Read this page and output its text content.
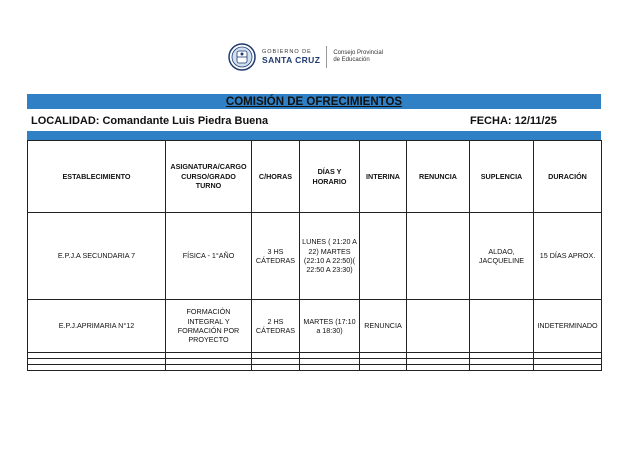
GOBIERNO DE
SANTA CRUZ
Consejo Provincial
de Educación
COMISIÓN DE OFRECIMIENTOS
LOCALIDAD: Comandante Luis Piedra Buena	FECHA: 12/11/25
ESTABLECIMIENTO	ASIGNATURA/CARGO CURSO/GRADO TURNO	C/HORAS	DÍAS Y HORARIO	INTERINA	RENUNCIA	SUPLENCIA	DURACIÓN
E.P.J.A SECUNDARIA 7	FÍSICA - 1°AÑO	3 HS CÁTEDRAS	LUNES ( 21:20 A 22) MARTES (22:10 A 22:50)( 22:50 A 23:30)			ALDAO, JACQUELINE	15 DÍAS APROX.
E.P.J.APRIMARIA N°12	FORMACIÓN INTEGRAL Y FORMACIÓN POR PROYECTO	2 HS CÁTEDRAS	MARTES (17:10 a 18:30)	RENUNCIA			INDETERMINADO
